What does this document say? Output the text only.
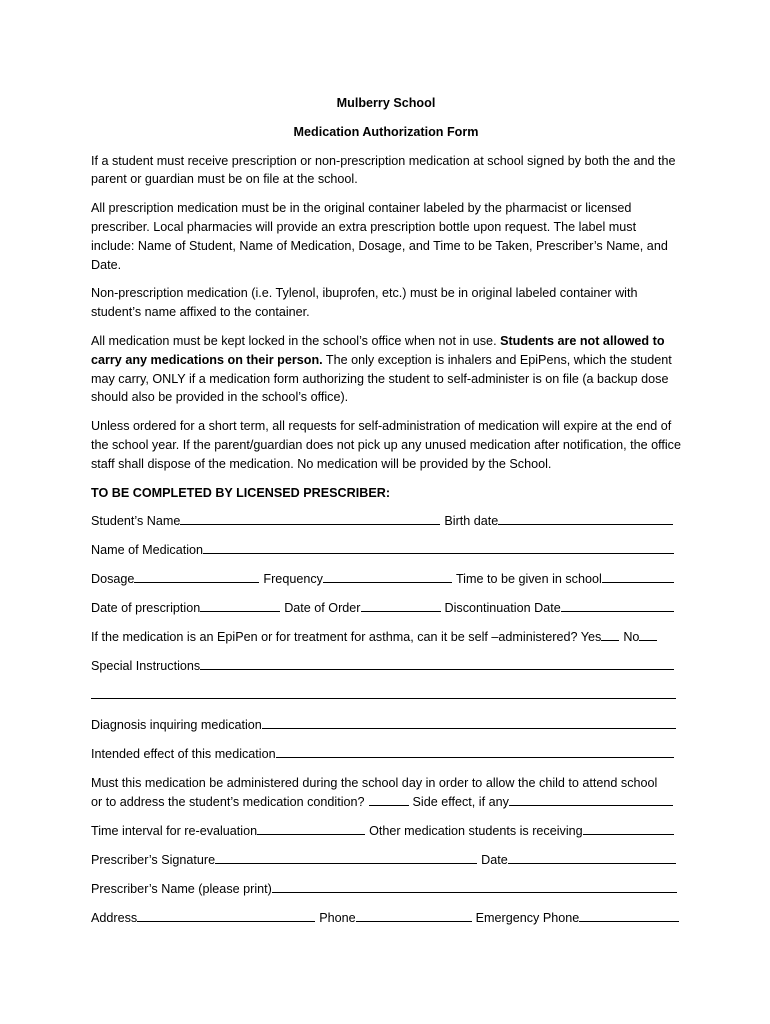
Mulberry School
Medication Authorization Form

If a student must receive prescription or non-prescription medication at school signed by both the and the parent or guardian must be on file at the school.

All prescription medication must be in the original container labeled by the pharmacist or licensed prescriber. Local pharmacies will provide an extra prescription bottle upon request. The label must include: Name of Student, Name of Medication, Dosage, and Time to be Taken, Prescriber’s Name, and Date.

Non-prescription medication (i.e. Tylenol, ibuprofen, etc.) must be in original labeled container with student’s name affixed to the container.

All medication must be kept locked in the school’s office when not in use. Students are not allowed to carry any medications on their person. The only exception is inhalers and EpiPens, which the student may carry, ONLY if a medication form authorizing the student to self-administer is on file (a backup dose should also be provided in the school’s office).

Unless ordered for a short term, all requests for self-administration of medication will expire at the end of the school year. If the parent/guardian does not pick up any unused medication after notification, the office staff shall dispose of the medication. No medication will be provided by the School.

TO BE COMPLETED BY LICENSED PRESCRIBER:
Student’s Name	Birth date
Name of Medication
Dosage	Frequency	Time to be given in school
Date of prescription	Date of Order	Discontinuation Date
If the medication is an EpiPen or for treatment for asthma, can it be self –administered? Yes No
Special Instructions
Diagnosis inquiring medication
Intended effect of this medication
Must this medication be administered during the school day in order to allow the child to attend school
or to address the student’s medication condition?	Side effect, if any
Time interval for re-evaluation	Other medication students is receiving
Prescriber’s Signature	Date
Prescriber’s Name (please print)
Address	Phone	Emergency Phone
